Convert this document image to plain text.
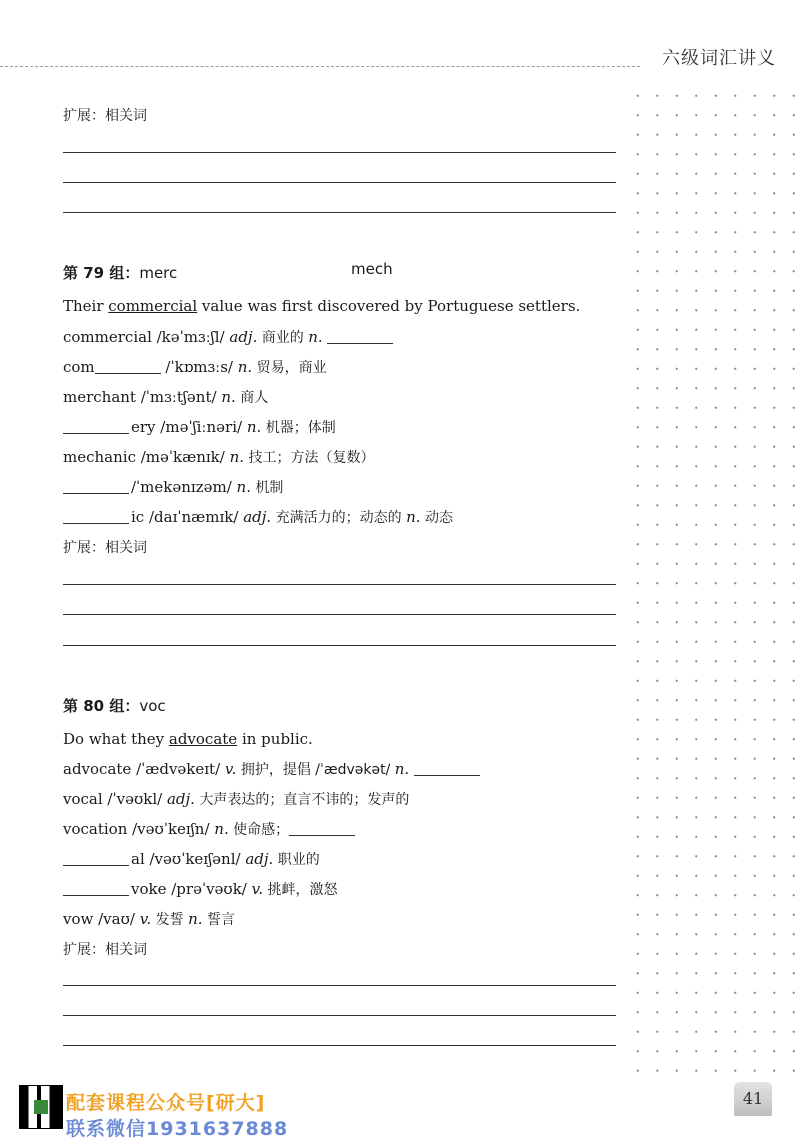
六级词汇讲义
扩展：相关词
第 79 组：merc	mech
Their commercial value was first discovered by Portuguese settlers.
commercial /kəˈmɜːʃl/ adj. 商业的 n.
com	/ˈkɒmɜːs/ n. 贸易，商业
merchant /ˈmɜːtʃənt/ n. 商人
ery /məˈʃiːnəri/ n. 机器；体制
mechanic /məˈkænɪk/ n. 技工；方法（复数）
/ˈmekənɪzəm/ n. 机制
ic /daɪˈnæmɪk/ adj. 充满活力的；动态的 n. 动态
扩展：相关词
第 80 组：voc
Do what they advocate in public.
advocate /ˈædvəkeɪt/ v. 拥护，提倡 /ˈædvəkət/ n.
vocal /ˈvəʊkl/ adj. 大声表达的；直言不讳的；发声的
vocation /vəʊˈkeɪʃn/ n. 使命感；
al /vəʊˈkeɪʃənl/ adj. 职业的
voke /prəˈvəʊk/ v. 挑衅，激怒
vow /vaʊ/ v. 发誓 n. 誓言
扩展：相关词
配套课程公众号[研大]
联系微信1931637888
41
